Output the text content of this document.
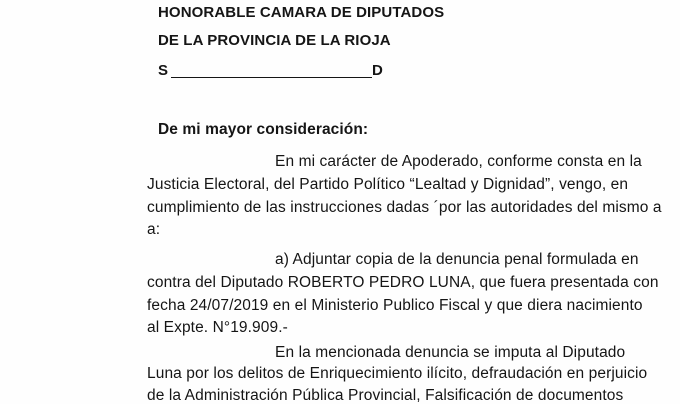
HONORABLE CAMARA DE DIPUTADOS
DE LA PROVINCIA DE LA RIOJA
S	D
De mi mayor consideración:
En mi carácter de Apoderado, conforme consta en la
Justicia Electoral, del Partido Político “Lealtad y Dignidad”, vengo, en
cumplimiento de las instrucciones dadas ´por las autoridades del mismo a
a:
a) Adjuntar copia de la denuncia penal formulada en
contra del Diputado ROBERTO PEDRO LUNA, que fuera presentada con
fecha 24/07/2019 en el Ministerio Publico Fiscal y que diera nacimiento
al Expte. N°19.909.-
En la mencionada denuncia se imputa al Diputado
Luna por los delitos de Enriquecimiento ilícito, defraudación en perjuicio
de la Administración Pública Provincial, Falsificación de documentos
